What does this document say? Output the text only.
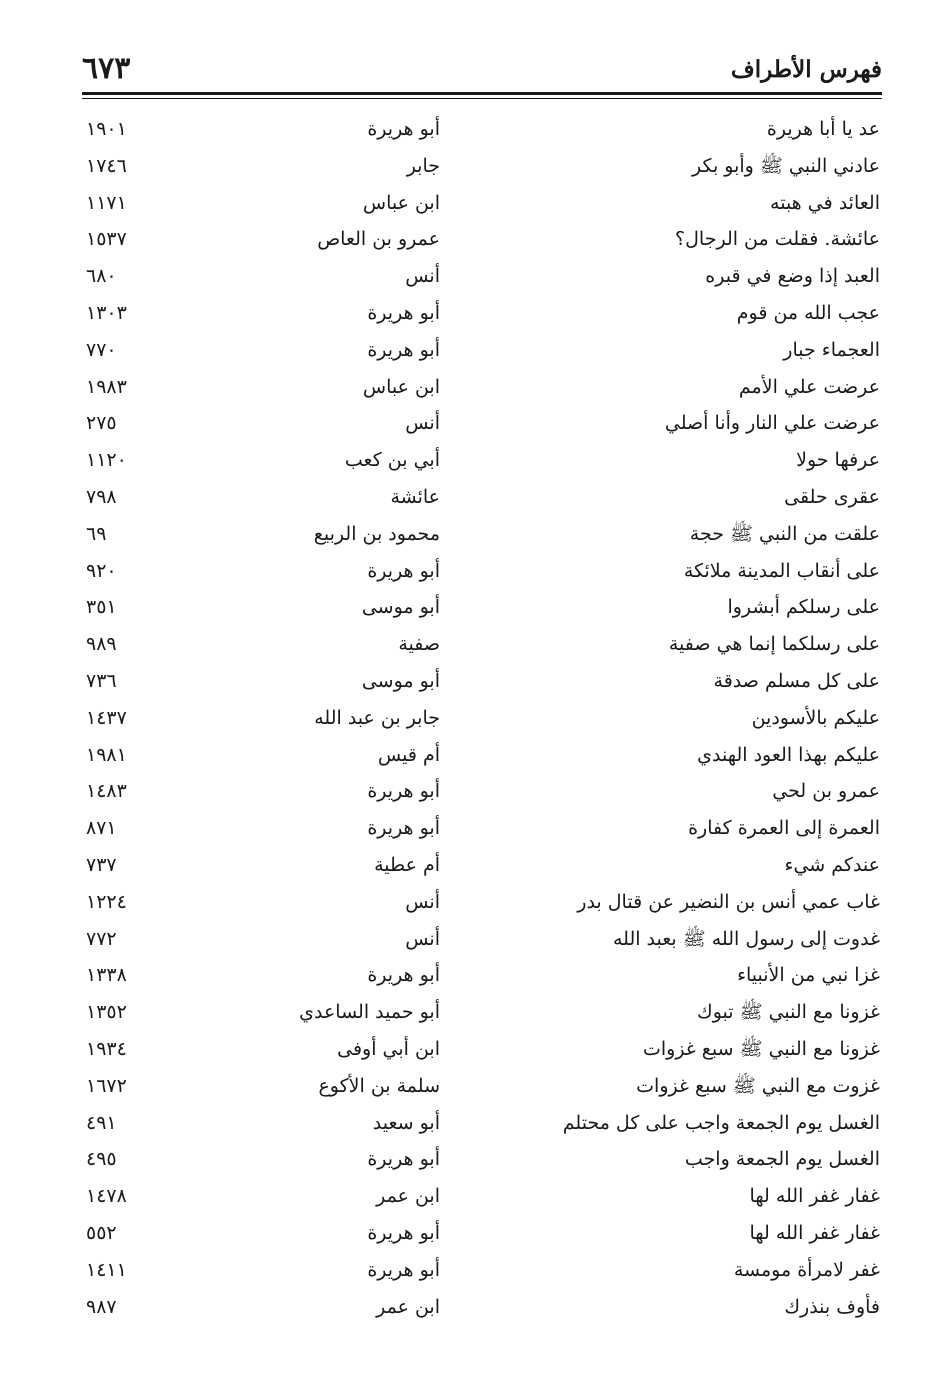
فهرس الأطراف
٦٧٣
عد يا أبا هريرة
أبو هريرة
١٩٠١
عادني النبي ﷺ وأبو بكر
جابر
١٧٤٦
العائد في هبته
ابن عباس
١١٧١
عائشة. فقلت من الرجال؟
عمرو بن العاص
١٥٣٧
العبد إذا وضع في قبره
أنس
٦٨٠
عجب الله من قوم
أبو هريرة
١٣٠٣
العجماء جبار
أبو هريرة
٧٧٠
عرضت علي الأمم
ابن عباس
١٩٨٣
عرضت علي النار وأنا أصلي
أنس
٢٧٥
عرفها حولا
أبي بن كعب
١١٢٠
عقرى حلقى
عائشة
٧٩٨
علقت من النبي ﷺ حجة
محمود بن الربيع
٦٩
على أنقاب المدينة ملائكة
أبو هريرة
٩٢٠
على رسلكم أبشروا
أبو موسى
٣٥١
على رسلكما إنما هي صفية
صفية
٩٨٩
على كل مسلم صدقة
أبو موسى
٧٣٦
عليكم بالأسودين
جابر بن عبد الله
١٤٣٧
عليكم بهذا العود الهندي
أم قيس
١٩٨١
عمرو بن لحي
أبو هريرة
١٤٨٣
العمرة إلى العمرة كفارة
أبو هريرة
٨٧١
عندكم شيء
أم عطية
٧٣٧
غاب عمي أنس بن النضير عن قتال بدر
أنس
١٢٢٤
غدوت إلى رسول الله ﷺ بعبد الله
أنس
٧٧٢
غزا نبي من الأنبياء
أبو هريرة
١٣٣٨
غزونا مع النبي ﷺ تبوك
أبو حميد الساعدي
١٣٥٢
غزونا مع النبي ﷺ سبع غزوات
ابن أبي أوفى
١٩٣٤
غزوت مع النبي ﷺ سبع غزوات
سلمة بن الأكوع
١٦٧٢
الغسل يوم الجمعة واجب على كل محتلم
أبو سعيد
٤٩١
الغسل يوم الجمعة واجب
أبو هريرة
٤٩٥
غفار غفر الله لها
ابن عمر
١٤٧٨
غفار غفر الله لها
أبو هريرة
٥٥٢
غفر لامرأة مومسة
أبو هريرة
١٤١١
فأوف بنذرك
ابن عمر
٩٨٧
